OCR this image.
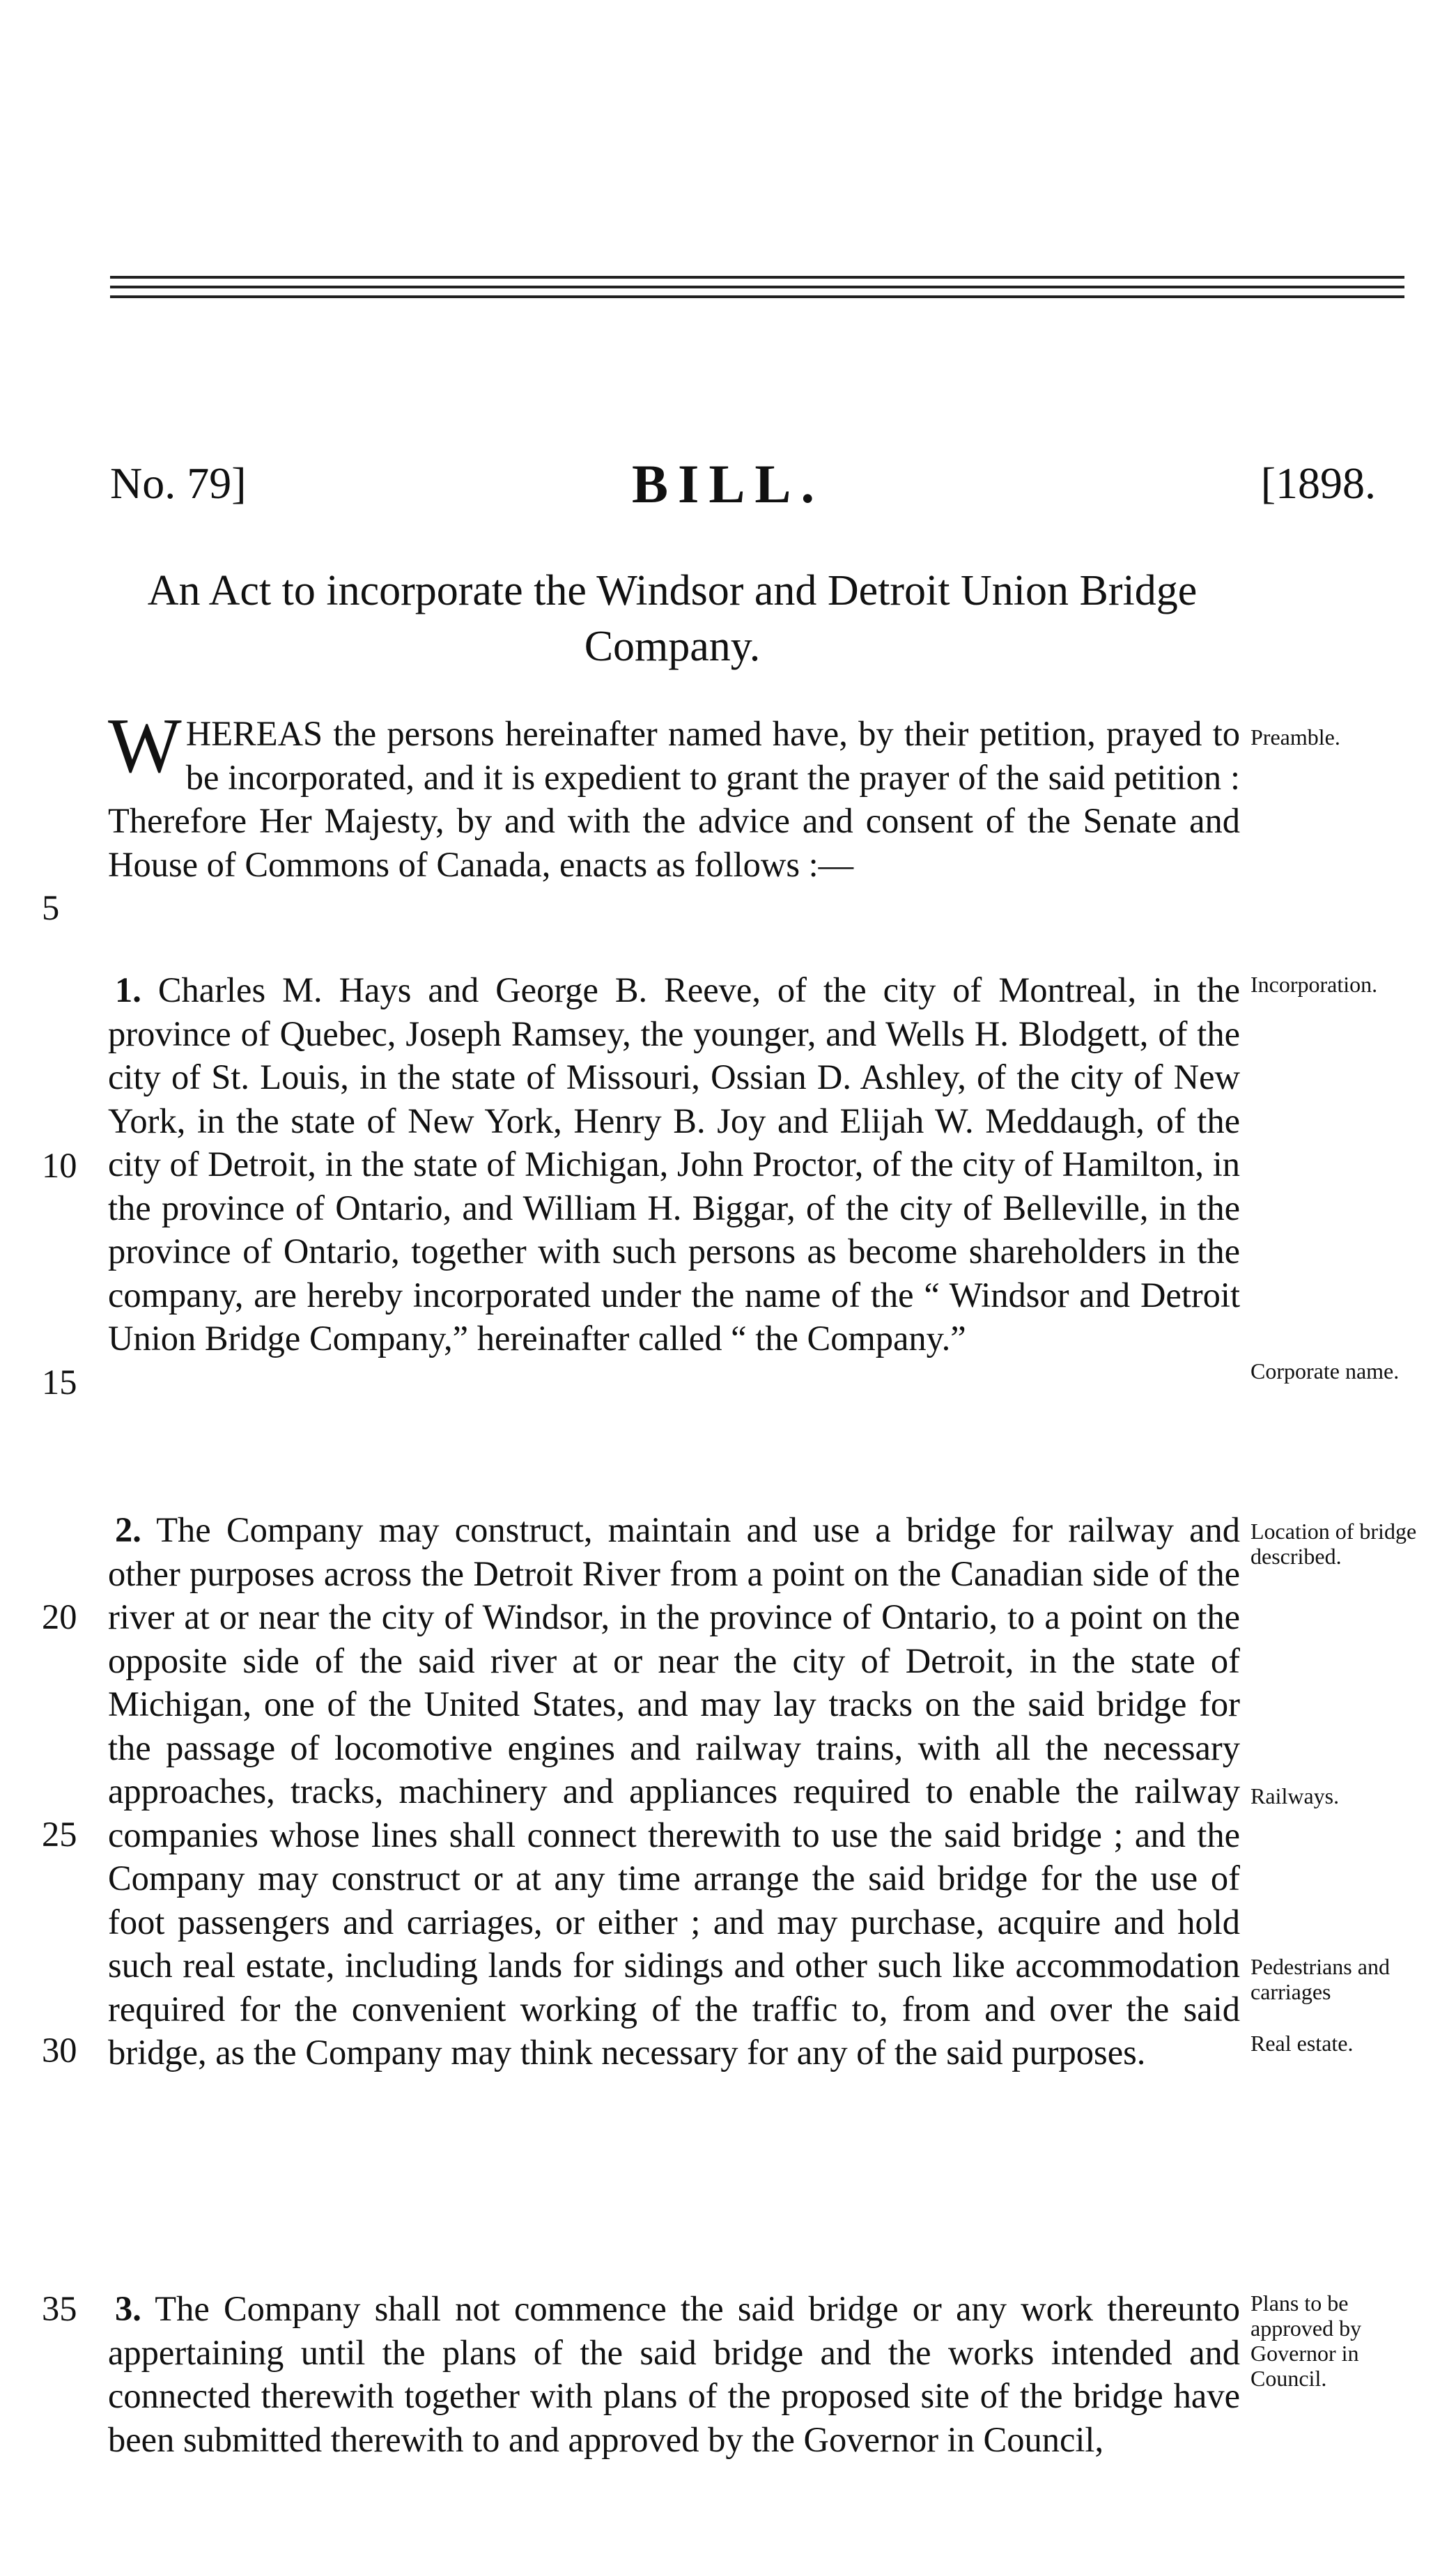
No. 79]	BILL.	[1898.
An Act to incorporate the Windsor and Detroit Union Bridge Company.

WHEREAS the persons hereinafter named have, by their petition, prayed to be incorporated, and it is expedient to grant the prayer of the said petition : Therefore Her Majesty, by and with the advice and consent of the Senate and House of Commons of Canada, enacts as follows :—

1. Charles M. Hays and George B. Reeve, of the city of Montreal, in the province of Quebec, Joseph Ramsey, the younger, and Wells H. Blodgett, of the city of St. Louis, in the state of Missouri, Ossian D. Ashley, of the city of New York, in the state of New York, Henry B. Joy and Elijah W. Meddaugh, of the city of Detroit, in the state of Michigan, John Proctor, of the city of Hamilton, in the province of Ontario, and William H. Biggar, of the city of Belleville, in the province of Ontario, together with such persons as become shareholders in the company, are hereby incorporated under the name of the “ Windsor and Detroit Union Bridge Company,” hereinafter called “ the Company.”

2. The Company may construct, maintain and use a bridge for railway and other purposes across the Detroit River from a point on the Canadian side of the river at or near the city of Windsor, in the province of Ontario, to a point on the opposite side of the said river at or near the city of Detroit, in the state of Michigan, one of the United States, and may lay tracks on the said bridge for the passage of locomotive engines and railway trains, with all the necessary approaches, tracks, machinery and appliances required to enable the railway companies whose lines shall connect therewith to use the said bridge ; and the Company may construct or at any time arrange the said bridge for the use of foot passengers and carriages, or either ; and may purchase, acquire and hold such real estate, including lands for sidings and other such like accommodation required for the convenient working of the traffic to, from and over the said bridge, as the Company may think necessary for any of the said purposes.

3. The Company shall not commence the said bridge or any work thereunto appertaining until the plans of the said bridge and the works intended and connected therewith together with plans of the proposed site of the bridge have been submitted therewith to and approved by the Governor in Council,

5
10
15
20
25
30
35
Preamble.
Incorporation.
Corporate name.
Location of bridge described.
Railways.
Pedestrians and carriages
Real estate.
Plans to be approved by Governor in Council.
